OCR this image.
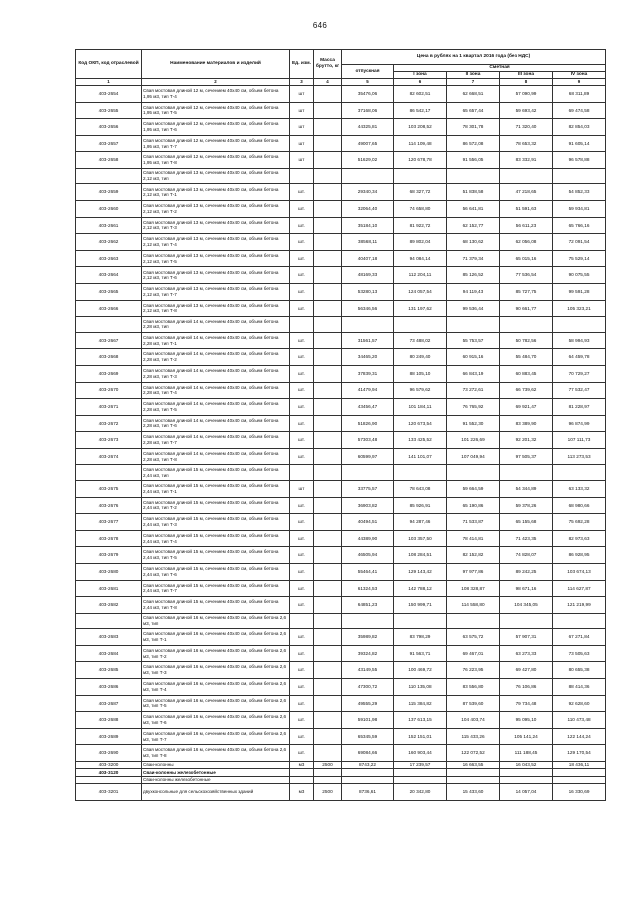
646
Код ОКП, код отраслевой	Наименование материалов и изделий	Ед. изм.	Масса брутто, кг	Цена в рублях на 1 квартал 2016 года (без НДС)				
				отпускная	Сметная			
					I зона	II зона	III зона	IV зона
1	2	3	4	5	6	7	8	9
403-2654	Свая мостовая длиной 12 м, сечением 40х40 см, объем бетона 1,95 м3, тип Т-4	шт		35476,06	82 602,51	62 668,51	57 090,99	68 311,89
403-2655	Свая мостовая длиной 12 м, сечением 40х40 см, объем бетона 1,95 м3, тип Т-5	шт		37168,06	86 542,17	65 657,44	59 693,42	69 474,58
403-2656	Свая мостовая длиной 12 м, сечением 40х40 см, объем бетона 1,95 м3, тип Т-6	шт		44325,81	103 208,52	78 301,78	71 320,40	82 854,03
403-2657	Свая мостовая длиной 12 м, сечением 40х40 см, объем бетона 1,95 м3, тип Т-7	шт		49007,65	114 109,48	86 572,08	78 653,32	91 605,14
403-2658	Свая мостовая длиной 12 м, сечением 40х40 см, объем бетона 1,95 м3, тип Т-8	шт		51629,02	120 678,78	91 556,05	83 332,91	96 578,88
	Свая мостовая длиной 13 м, сечением 40х40 см, объем бетона 2,12 м3, тип							
403-2659	Свая мостовая длиной 13 м, сечением 40х40 см, объем бетона 2,12 м3, тип Т-1	шт.		29340,34	68 327,72	51 838,58	47 218,65	54 852,33
403-2660	Свая мостовая длиной 13 м, сечением 40х40 см, объем бетона 2,12 м3, тип Т-2	шт.		32064,40	74 658,80	56 641,81	51 591,63	59 934,81
403-2661	Свая мостовая длиной 13 м, сечением 40х40 см, объем бетона 2,12 м3, тип Т-3	шт.		35184,10	81 922,72	62 152,77	56 611,23	65 766,16
403-2662	Свая мостовая длиной 13 м, сечением 40х40 см, объем бетона 2,12 м3, тип Т-4	шт.		38568,11	89 802,04	68 130,62	62 056,08	72 091,54
403-2663	Свая мостовая длиной 13 м, сечением 40х40 см, объем бетона 2,12 м3, тип Т-5	шт.		40407,18	94 084,14	71 379,34	65 015,16	75 529,14
403-2664	Свая мостовая длиной 13 м, сечением 40х40 см, объем бетона 2,12 м3, тип Т-6	шт.		48169,33	112 204,11	85 126,52	77 536,54	90 075,55
403-2665	Свая мостовая длиной 13 м, сечением 40х40 см, объем бетона 2,12 м3, тип Т-7	шт.		53280,13	124 057,54	94 119,43	85 727,75	99 591,28
403-2666	Свая мостовая длиной 13 м, сечением 40х40 см, объем бетона 2,12 м3, тип Т-8	шт.		56346,56	131 197,62	99 536,44	90 661,77	105 323,21
	Свая мостовая длиной 14 м, сечением 40х40 см, объем бетона 2,28 м3, тип							
403-2667	Свая мостовая длиной 14 м, сечением 40х40 см, объем бетона 2,28 м3, тип Т-1	шт.		31561,57	73 488,02	55 753,57	50 782,56	58 994,93
403-2668	Свая мостовая длиной 14 м, сечением 40х40 см, объем бетона 2,28 м3, тип Т-2	шт.		34465,20	80 249,40	60 915,16	55 484,70	64 459,78
403-2669	Свая мостовая длиной 14 м, сечением 40х40 см, объем бетона 2,28 м3, тип Т-3	шт.		37839,31	88 105,10	66 843,19	60 883,45	70 729,27
403-2670	Свая мостовая длиной 14 м, сечением 40х40 см, объем бетона 2,28 м3, тип Т-4	шт.		41479,94	96 579,62	73 272,61	66 739,62	77 532,47
403-2671	Свая мостовая длиной 14 м, сечением 40х40 см, объем бетона 2,28 м3, тип Т-5	шт.		43456,47	101 184,11	76 765,92	69 921,47	81 228,97
403-2672	Свая мостовая длиной 14 м, сечением 40х40 см, объем бетона 2,28 м3, тип Т-6	шт.		51826,90	120 673,54	91 552,30	83 389,90	96 874,99
403-2673	Свая мостовая длиной 14 м, сечением 40х40 см, объем бетона 2,28 м3, тип Т-7	шт.		57303,48	133 425,52	101 226,69	92 201,32	107 111,73
403-2674	Свая мостовая длиной 14 м, сечением 40х40 см, объем бетона 2,28 м3, тип Т-8	шт.		60599,97	141 101,07	107 049,94	97 505,37	113 273,53
	Свая мостовая длиной 15 м, сечением 40х40 см, объем бетона 2,44 м3, тип							
403-2675	Свая мостовая длиной 15 м, сечением 40х40 см, объем бетона 2,44 м3, тип Т-1	шт		33775,57	78 643,08	59 664,59	54 344,89	63 133,32
403-2676	Свая мостовая длиной 15 м, сечением 40х40 см, объем бетона 2,44 м3, тип Т-2	шт.		36903,82	85 926,91	65 190,86	59 378,26	68 980,66
403-2677	Свая мостовая длиной 15 м, сечением 40х40 см, объем бетона 2,44 м3, тип Т-3	шт.		40494,51	94 287,46	71 533,87	65 155,68	75 692,28
403-2678	Свая мостовая длиной 15 м, сечением 40х40 см, объем бетона 2,44 м3, тип Т-4	шт.		44389,90	103 357,50	78 414,81	71 423,35	82 973,63
403-2679	Свая мостовая длиной 15 м, сечением 40х40 см, объем бетона 2,44 м3, тип Т-5	шт.		46505,94	108 284,51	82 152,82	74 828,07	86 928,95
403-2680	Свая мостовая длиной 15 м, сечением 40х40 см, объем бетона 2,44 м3, тип Т-6	шт.		55464,41	129 143,42	97 977,86	89 242,25	103 674,13
403-2681	Свая мостовая длиной 15 м, сечением 40х40 см, объем бетона 2,44 м3, тип Т-7	шт.		61324,53	142 788,12	108 328,87	98 671,16	114 627,87
403-2682	Свая мостовая длиной 15 м, сечением 40х40 см, объем бетона 2,44 м3, тип Т-8	шт.		64851,23	150 999,71	114 558,80	104 345,05	121 219,99
	Свая мостовая длиной 16 м, сечением 40х40 см, объем бетона 2,6 м3, тип							
403-2683	Свая мостовая длиной 16 м, сечением 40х40 см, объем бетона 2,6 м3, тип Т-1	шт.		35989,82	83 798,29	63 575,72	57 907,31	67 271,84
403-2684	Свая мостовая длиной 16 м, сечением 40х40 см, объем бетона 2,6 м3, тип Т-2	шт.		39324,82	91 563,71	69 467,01	63 273,33	73 505,63
403-2685	Свая мостовая длиной 16 м, сечением 40х40 см, объем бетона 2,6 м3, тип Т-3	шт.		43149,55	100 469,72	76 223,95	69 427,80	80 655,38
403-2686	Свая мостовая длиной 16 м, сечением 40х40 см, объем бетона 2,6 м3, тип Т-4	шт.		47300,72	110 135,08	83 556,80	76 106,86	88 414,36
403-2687	Свая мостовая длиной 16 м, сечением 40х40 см, объем бетона 2,6 м3, тип Т-5	шт.		49555,29	115 384,82	87 539,60	79 734,48	92 628,60
403-2688	Свая мостовая длиной 16 м, сечением 40х40 см, объем бетона 2,6 м3, тип Т-6	шт.		59101,98	137 613,15	104 403,74	95 095,10	110 473,48
403-2689	Свая мостовая длиной 16 м, сечением 40х40 см, объем бетона 2,6 м3, тип Т-7	шт.		65345,59	152 151,01	115 433,26	105 141,24	122 144,24
403-2690	Свая мостовая длиной 16 м, сечением 40х40 см, объем бетона 2,6 м3, тип Т-8	шт.		69084,66	160 903,44	122 072,52	111 188,45	129 170,54
403-3200	Сваи-колонны	м3	2500	8743,22	17 239,57	16 663,55	16 043,52	18 436,11
403-3120	Сваи-колонны железобетонные							
	Сваи-колонны железобетонные							
403-3201	двухконсольные для сельскохозяйственных зданий	м3	2500	8736,61	20 342,80	15 433,60	14 057,04	16 330,69
